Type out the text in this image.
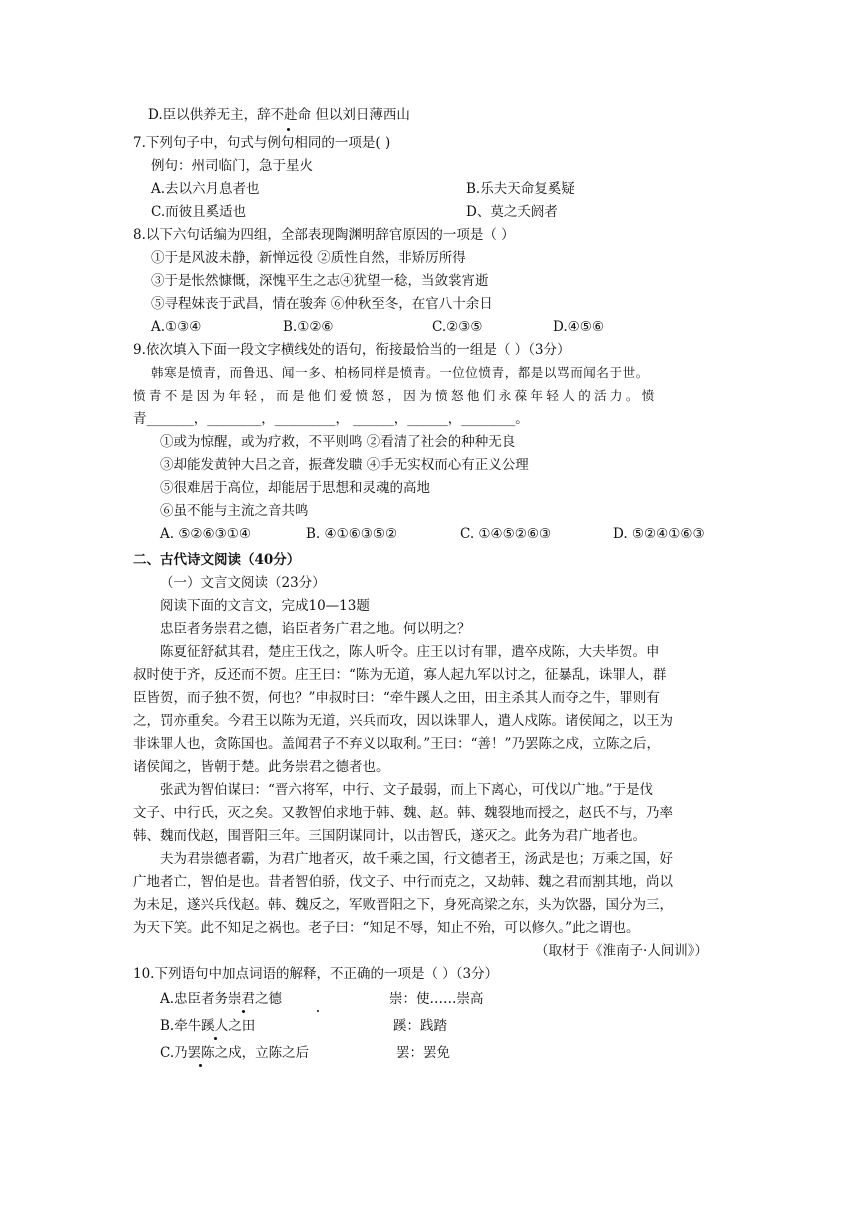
D.臣以供养无主，辞不赴命 但以刘日薄西山
7.下列句子中，句式与例句相同的一项是( )
例句：州司临门，急于星火
A.去以六月息者也	B.乐夫天命复奚疑
C.而彼且奚适也	D、莫之夭阏者
8.以下六句话编为四组，全部表现陶渊明辞官原因的一项是（ ）
①于是风波未静，新惮远役 ②质性自然，非矫厉所得
③于是怅然慷慨，深愧平生之志④犹望一稔，当敛裳宵逝
⑤寻程妹丧于武昌，情在骏奔 ⑥仲秋至冬，在官八十余日
A.①③④	B.①②⑥	C.②③⑤	D.④⑤⑥
9.依次填入下面一段文字横线处的语句，衔接最恰当的一组是（ ）（3分）
韩寒是愤青，而鲁迅、闻一多、柏杨同样是愤青。一位位愤青，都是以骂而闻名于世。
愤青不是因为年轻，而是他们爱愤怒，因为愤怒他们永葆年轻人的活力。愤
青_______，________，_________， ______，______，________。
①或为惊醒，或为疗救，不平则鸣 ②看清了社会的种种无良
③却能发黄钟大吕之音，振聋发聩 ④手无实权而心有正义公理
⑤很难居于高位，却能居于思想和灵魂的高地
⑥虽不能与主流之音共鸣
A. ⑤②⑥③①④	B. ④①⑥③⑤②	C. ①④⑤②⑥③	D. ⑤②④①⑥③
二、古代诗文阅读（40分）
（一）文言文阅读（23分）
阅读下面的文言文，完成10—13题
忠臣者务崇君之德，谄臣者务广君之地。何以明之？
陈夏征舒弑其君，楚庄王伐之，陈人听令。庄王以讨有罪，遣卒戍陈，大夫毕贺。申
叔时使于齐，反还而不贺。庄王曰：“陈为无道，寡人起九军以讨之，征暴乱，诛罪人，群
臣皆贺，而子独不贺，何也？”申叔时曰：“牵牛蹊人之田，田主杀其人而夺之牛，罪则有
之，罚亦重矣。今君王以陈为无道，兴兵而攻，因以诛罪人，遣人戍陈。诸侯闻之，以王为
非诛罪人也，贪陈国也。盖闻君子不弃义以取利。”王曰：“善！”乃罢陈之戍，立陈之后，
诸侯闻之，皆朝于楚。此务崇君之德者也。
张武为智伯谋曰：“晋六将军，中行、文子最弱，而上下离心，可伐以广地。”于是伐
文子、中行氏，灭之矣。又教智伯求地于韩、魏、赵。韩、魏裂地而授之，赵氏不与，乃率
韩、魏而伐赵，围晋阳三年。三国阴谋同计，以击智氏，遂灭之。此务为君广地者也。
夫为君崇德者霸，为君广地者灭，故千乘之国，行文德者王，汤武是也；万乘之国，好
广地者亡，智伯是也。昔者智伯骄，伐文子、中行而克之，又劫韩、魏之君而割其地，尚以
为未足，遂兴兵伐赵。韩、魏反之，军败晋阳之下，身死高梁之东，头为饮器，国分为三，
为天下笑。此不知足之祸也。老子曰：“知足不辱，知止不殆，可以修久。”此之谓也。
（取材于《淮南子·人间训》）
10.下列语句中加点词语的解释，不正确的一项是（ ）（3分）
A.忠臣者务崇君之德	崇：使……崇高
B.牵牛蹊人之田	蹊：践踏
C.乃罢陈之戍，立陈之后	罢：罢免
